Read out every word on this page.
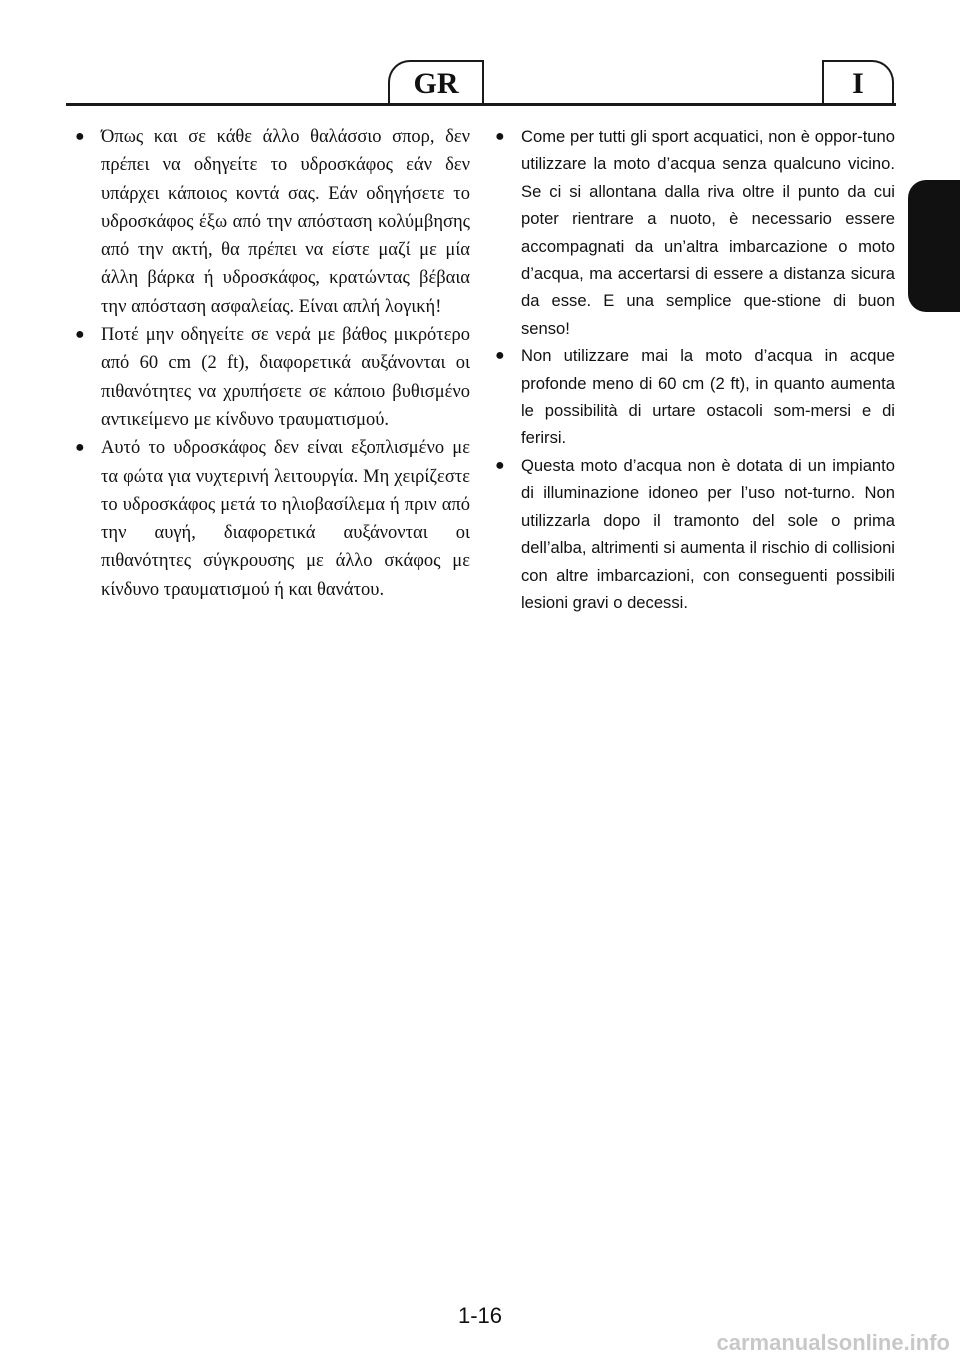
GR	I
● Όπως και σε κάθε άλλο θαλάσσιο σπορ, δεν πρέπει να οδηγείτε το υδροσκάφος εάν δεν υπάρχει κάποιος κοντά σας. Εάν οδηγήσετε το υδροσκάφος έξω από την απόσταση κολύμβησης από την ακτή, θα πρέπει να είστε μαζί με μία άλλη βάρκα ή υδροσκάφος, κρατώντας βέβαια την απόσταση ασφαλείας. Είναι απλή λογική!
● Ποτέ μην οδηγείτε σε νερά με βάθος μικρότερο από 60 cm (2 ft), διαφορετικά αυξάνονται οι πιθανότητες να χρυπήσετε σε κάποιο βυθισμένο αντικείμενο με κίνδυνο τραυματισμού.
● Αυτό το υδροσκάφος δεν είναι εξοπλισμένο με τα φώτα για νυχτερινή λειτουργία. Μη χειρίζεστε το υδροσκάφος μετά το ηλιοβασίλεμα ή πριν από την αυγή, διαφορετικά αυξάνονται οι πιθανότητες σύγκρουσης με άλλο σκάφος με κίνδυνο τραυματισμού ή και θανάτου.
● Come per tutti gli sport acquatici, non è oppor-tuno utilizzare la moto d’acqua senza qualcuno vicino. Se ci si allontana dalla riva oltre il punto da cui poter rientrare a nuoto, è necessario essere accompagnati da un’altra imbarcazione o moto d’acqua, ma accertarsi di essere a distanza sicura da esse. E una semplice que-stione di buon senso!
● Non utilizzare mai la moto d’acqua in acque profonde meno di 60 cm (2 ft), in quanto aumenta le possibilità di urtare ostacoli som-mersi e di ferirsi.
● Questa moto d’acqua non è dotata di un impianto di illuminazione idoneo per l’uso not-turno. Non utilizzarla dopo il tramonto del sole o prima dell’alba, altrimenti si aumenta il rischio di collisioni con altre imbarcazioni, con conseguenti possibili lesioni gravi o decessi.
1-16
carmanualsonline.info
